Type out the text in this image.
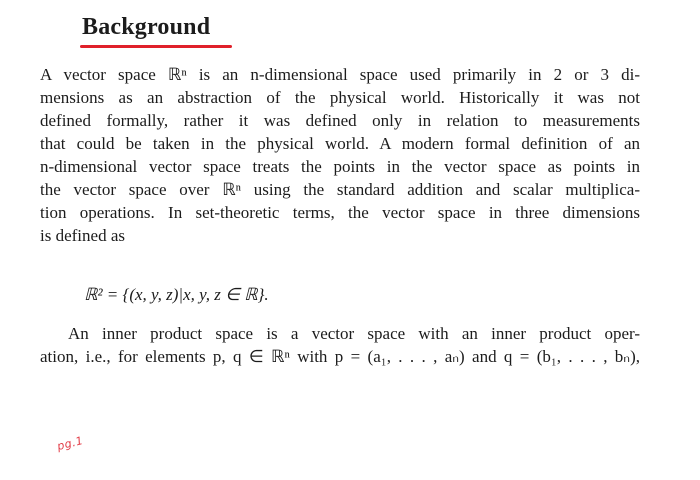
Background

A vector space ℝⁿ is an n-dimensional space used primarily in 2 or 3 di-
mensions as an abstraction of the physical world. Historically it was not
defined formally, rather it was defined only in relation to measurements
that could be taken in the physical world. A modern formal definition of an
n-dimensional vector space treats the points in the vector space as points in
the vector space over ℝⁿ using the standard addition and scalar multiplica-
tion operations. In set-theoretic terms, the vector space in three dimensions
is defined as

ℝ² = {(x, y, z)|x, y, z ∈ ℝ}.

An inner product space is a vector space with an inner product oper-
ation, i.e., for elements p, q ∈ ℝⁿ with p = (a₁, . . . , aₙ) and q = (b₁, . . . , bₙ),

pg.1
